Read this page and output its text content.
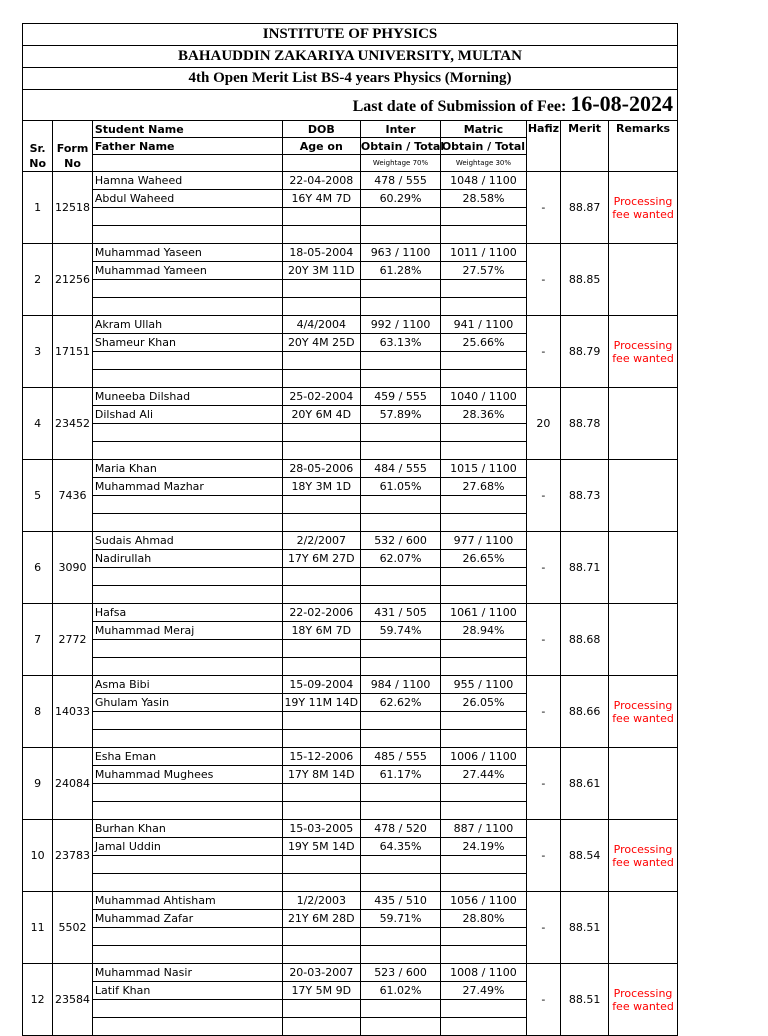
INSTITUTE OF PHYSICS								
BAHAUDDIN ZAKARIYA UNIVERSITY, MULTAN								
4th Open Merit List BS-4 years Physics (Morning)								
Last date of Submission of Fee: 16-08-2024								
Sr. No	Form No	Student Name	DOB	Inter	Matric	Hafiz	Merit	Remarks
		Father Name	Age on	Obtain / Total	Obtain / Total			
				Weightage 70%	Weightage 30%			
1	12518	Hamna Waheed	22-04-2008	478 / 555	1048 / 1100	-	88.87	Processing fee wanted
		Abdul Waheed	16Y 4M 7D	60.29%	28.58%			

2	21256	Muhammad Yaseen	18-05-2004	963 / 1100	1011 / 1100	-	88.85	
		Muhammad Yameen	20Y 3M 11D	61.28%	27.57%			

3	17151	Akram Ullah	4/4/2004	992 / 1100	941 / 1100	-	88.79	Processing fee wanted
		Shameur Khan	20Y 4M 25D	63.13%	25.66%			

4	23452	Muneeba Dilshad	25-02-2004	459 / 555	1040 / 1100	20	88.78	
		Dilshad Ali	20Y 6M 4D	57.89%	28.36%			

5	7436	Maria Khan	28-05-2006	484 / 555	1015 / 1100	-	88.73	
		Muhammad Mazhar	18Y 3M 1D	61.05%	27.68%			

6	3090	Sudais Ahmad	2/2/2007	532 / 600	977 / 1100	-	88.71	
		Nadirullah	17Y 6M 27D	62.07%	26.65%			

7	2772	Hafsa	22-02-2006	431 / 505	1061 / 1100	-	88.68	
		Muhammad Meraj	18Y 6M 7D	59.74%	28.94%			

8	14033	Asma Bibi	15-09-2004	984 / 1100	955 / 1100	-	88.66	Processing fee wanted
		Ghulam Yasin	19Y 11M 14D	62.62%	26.05%			

9	24084	Esha Eman	15-12-2006	485 / 555	1006 / 1100	-	88.61	
		Muhammad Mughees	17Y 8M 14D	61.17%	27.44%			

10	23783	Burhan Khan	15-03-2005	478 / 520	887 / 1100	-	88.54	Processing fee wanted
		Jamal Uddin	19Y 5M 14D	64.35%	24.19%			

11	5502	Muhammad Ahtisham	1/2/2003	435 / 510	1056 / 1100	-	88.51	
		Muhammad Zafar	21Y 6M 28D	59.71%	28.80%			

12	23584	Muhammad Nasir	20-03-2007	523 / 600	1008 / 1100	-	88.51	Processing fee wanted
		Latif Khan	17Y 5M 9D	61.02%	27.49%			
